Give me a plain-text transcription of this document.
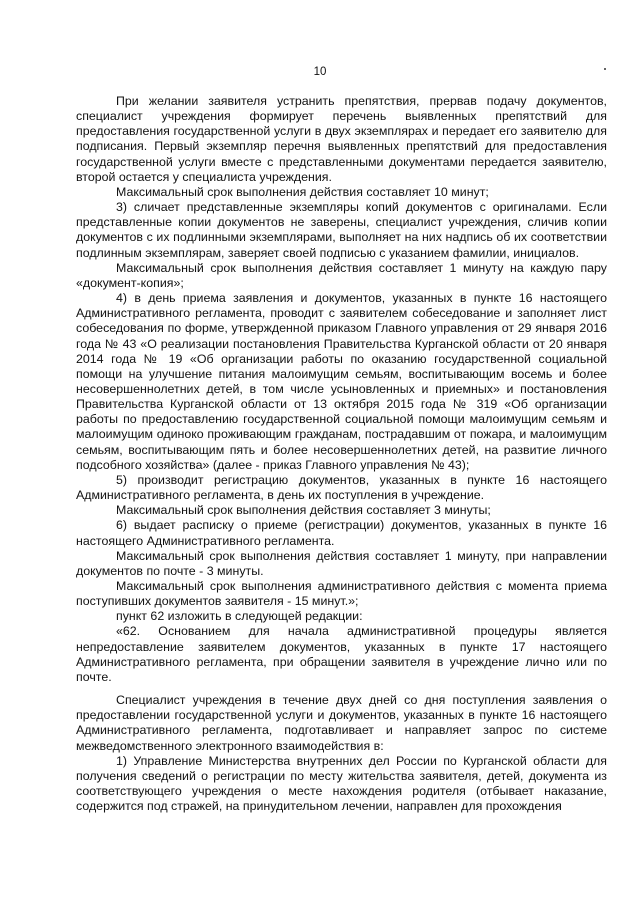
10

При желании заявителя устранить препятствия, прервав подачу документов, специалист учреждения формирует перечень выявленных препятствий для предоставления государственной услуги в двух экземплярах и передает его заявителю для подписания. Первый экземпляр перечня выявленных препятствий для предоставления государственной услуги вместе с представленными документами передается заявителю, второй остается у специалиста учреждения.

Максимальный срок выполнения действия составляет 10 минут;

3) сличает представленные экземпляры копий документов с оригиналами. Если представленные копии документов не заверены, специалист учреждения, сличив копии документов с их подлинными экземплярами, выполняет на них надпись об их соответствии подлинным экземплярам, заверяет своей подписью с указанием фамилии, инициалов.

Максимальный срок выполнения действия составляет 1 минуту на каждую пару «документ-копия»;

4) в день приема заявления и документов, указанных в пункте 16 настоящего Административного регламента, проводит с заявителем собеседование и заполняет лист собеседования по форме, утвержденной приказом Главного управления от 29 января 2016 года № 43 «О реализации постановления Правительства Курганской области от 20 января 2014 года № 19 «Об организации работы по оказанию государственной социальной помощи на улучшение питания малоимущим семьям, воспитывающим восемь и более несовершеннолетних детей, в том числе усыновленных и приемных» и постановления Правительства Курганской области от 13 октября 2015 года № 319 «Об организации работы по предоставлению государственной социальной помощи малоимущим семьям и малоимущим одиноко проживающим гражданам, пострадавшим от пожара, и малоимущим семьям, воспитывающим пять и более несовершеннолетних детей, на развитие личного подсобного хозяйства» (далее - приказ Главного управления № 43);

5) производит регистрацию документов, указанных в пункте 16 настоящего Административного регламента, в день их поступления в учреждение.

Максимальный срок выполнения действия составляет 3 минуты;

6) выдает расписку о приеме (регистрации) документов, указанных в пункте 16 настоящего Административного регламента.

Максимальный срок выполнения действия составляет 1 минуту, при направлении документов по почте - 3 минуты.

Максимальный срок выполнения административного действия с момента приема поступивших документов заявителя - 15 минут.»;

пункт 62 изложить в следующей редакции:

«62. Основанием для начала административной процедуры является непредоставление заявителем документов, указанных в пункте 17 настоящего Административного регламента, при обращении заявителя в учреждение лично или по почте.

Специалист учреждения в течение двух дней со дня поступления заявления о предоставлении государственной услуги и документов, указанных в пункте 16 настоящего Административного регламента, подготавливает и направляет запрос по системе межведомственного электронного взаимодействия в:

1) Управление Министерства внутренних дел России по Курганской области для получения сведений о регистрации по месту жительства заявителя, детей, документа из соответствующего учреждения о месте нахождения родителя (отбывает наказание, содержится под стражей, на принудительном лечении, направлен для прохождения
